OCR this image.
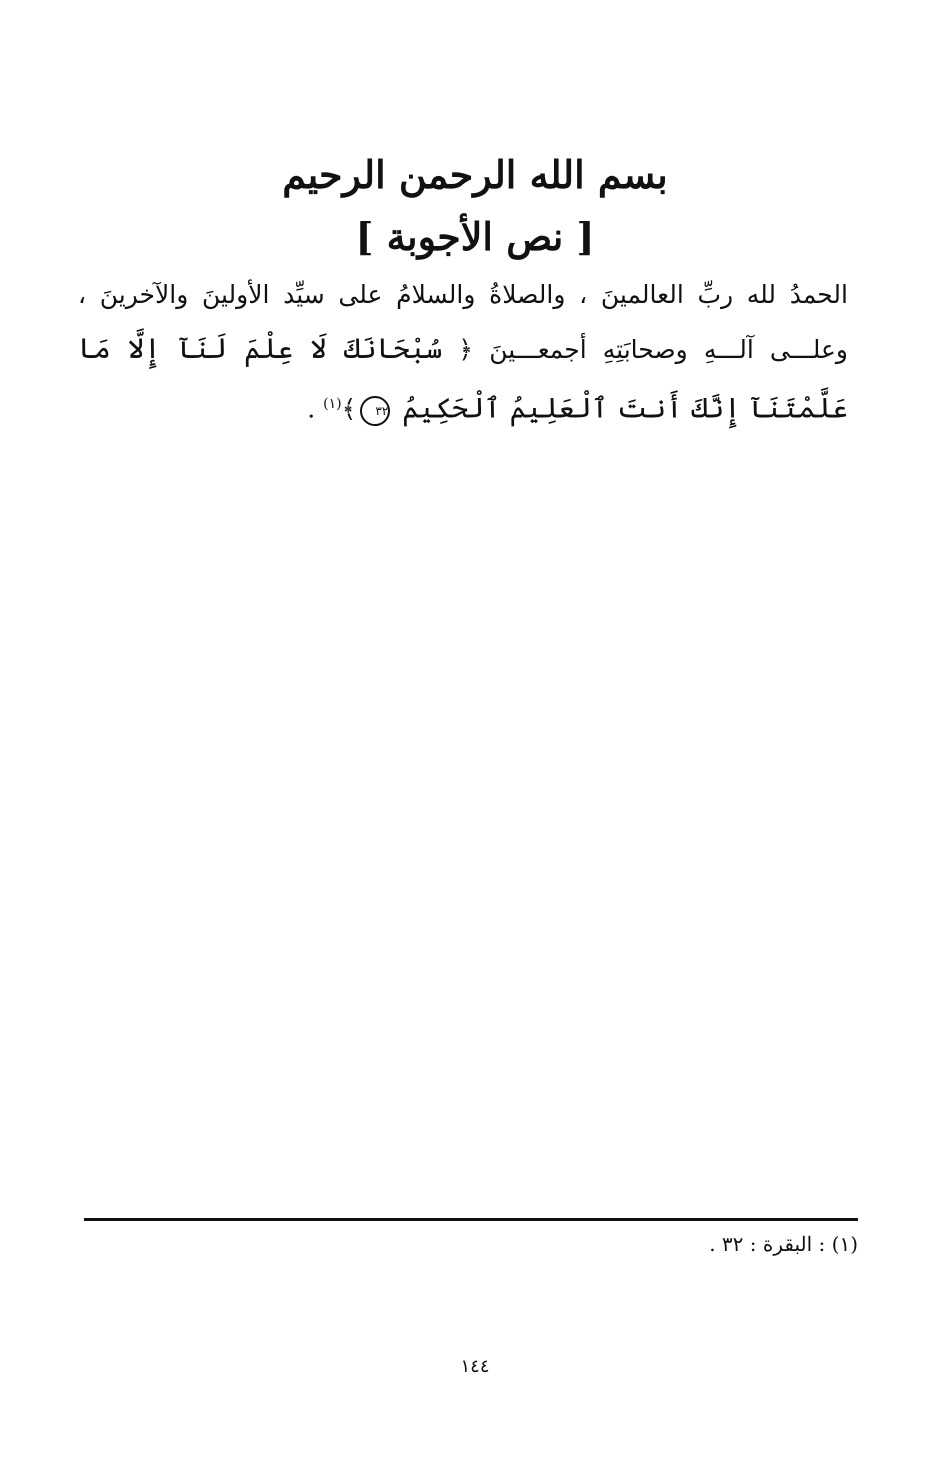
بسم الله الرحمن الرحيم
[ نص الأجوبة ]
الحمدُ لله ربِّ العالمينَ ، والصلاةُ والسلامُ على سيِّد الأولينَ والآخرينَ ، وعلـــى آلـــهِ وصحابَتِهِ أجمعـــينَ ﴿ سُبْحَانَكَ لَا عِلْمَ لَنَآ إِلَّا مَا عَلَّمْتَنَآ إِنَّكَ أَنتَ ٱلْعَلِيمُ ٱلْحَكِيمُ ٣٢﴾$^{(١)}$ .
(١) : البقرة : ٣٢ .
١٤٤
